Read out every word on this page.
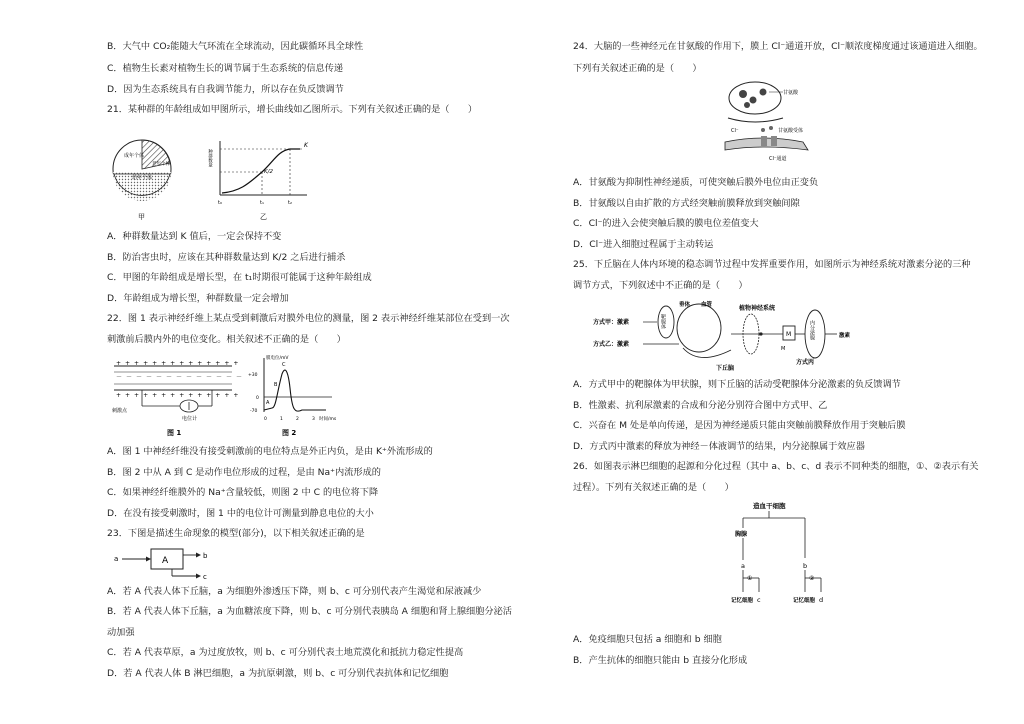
B．大气中 CO₂能随大气环流在全球流动，因此碳循环具全球性
C．植物生长素对植物生长的调节属于生态系统的信息传递
D．因为生态系统具有自我调节能力，所以存在负反馈调节
21．某种群的年龄组成如甲图所示，增长曲线如乙图所示。下列有关叙述正确的是（　　）
成年个体
老年个体
幼年个体
甲
种群数量
K
K/2
t₀	t₁	t₂
乙
A．种群数量达到 K 值后，一定会保持不变
B．防治害虫时，应该在其种群数量达到 K/2 之后进行捕杀
C．甲图的年龄组成是增长型，在 t₁时期很可能属于这种年龄组成
D．年龄组成为增长型，种群数量一定会增加
22．图 1 表示神经纤维上某点受到刺激后对膜外电位的测量，图 2 表示神经纤维某部位在受到一次
刺激前后膜内外的电位变化。相关叙述不正确的是（　　）
++++++++++++++
－－－－－－－－－－－－－
++++++++++++++
刺激点
电位计
图 1
膜电位/mV
+30
0
-70
0	1	2	3 时间/ms
A
B
C
图 2
A．图 1 中神经纤维没有接受刺激前的电位特点是外正内负，是由 K⁺外流形成的
B．图 2 中从 A 到 C 是动作电位形成的过程，是由 Na⁺内流形成的
C．如果神经纤维膜外的 Na⁺含量较低，则图 2 中 C 的电位将下降
D．在没有接受刺激时，图 1 中的电位计可测量到静息电位的大小
23．下图是描述生命现象的模型(部分)，以下相关叙述正确的是
a	A	b
c
A．若 A 代表人体下丘脑，a 为细胞外渗透压下降，则 b、c 可分别代表产生渴觉和尿液减少
B．若 A 代表人体下丘脑，a 为血糖浓度下降，则 b、c 可分别代表胰岛 A 细胞和肾上腺细胞分泌活
动加强
C．若 A 代表草原，a 为过度放牧，则 b、c 可分别代表土地荒漠化和抵抗力稳定性提高
D．若 A 代表人体 B 淋巴细胞，a 为抗原刺激，则 b、c 可分别代表抗体和记忆细胞
24．大脑的一些神经元在甘氨酸的作用下，膜上 Cl⁻通道开放，Cl⁻顺浓度梯度通过该通道进入细胞。
下列有关叙述正确的是（　　）
甘氨酸
Cl⁻	甘氨酸受体
Cl⁻通道
A．甘氨酸为抑制性神经递质，可使突触后膜外电位由正变负
B．甘氨酸以自由扩散的方式经突触前膜释放到突触间隙
C．Cl⁻的进入会使突触后膜的膜电位差值变大
D．Cl⁻进入细胞过程属于主动转运
25．下丘脑在人体内环境的稳态调节过程中发挥重要作用，如图所示为神经系统对激素分泌的三种
调节方式，下列叙述中不正确的是（　　）
方式甲：激素
方式乙：激素
靶腺体
垂体 血管
下丘脑
植物神经系统
M
M
内分泌腺	激素
方式丙
A．方式甲中的靶腺体为甲状腺，则下丘脑的活动受靶腺体分泌激素的负反馈调节
B．性激素、抗利尿激素的合成和分泌分别符合图中方式甲、乙
C．兴奋在 M 处是单向传递，是因为神经递质只能由突触前膜释放作用于突触后膜
D．方式丙中激素的释放为神经－体液调节的结果，内分泌腺属于效应器
26．如图表示淋巴细胞的起源和分化过程（其中 a、b、c、d 表示不同种类的细胞，①、②表示有关
过程）。下列有关叙述正确的是（　　）
造血干细胞
胸腺
a	b
①	②
记忆细胞 c	记忆细胞 d
A．免疫细胞只包括 a 细胞和 b 细胞
B．产生抗体的细胞只能由 b 直接分化形成
